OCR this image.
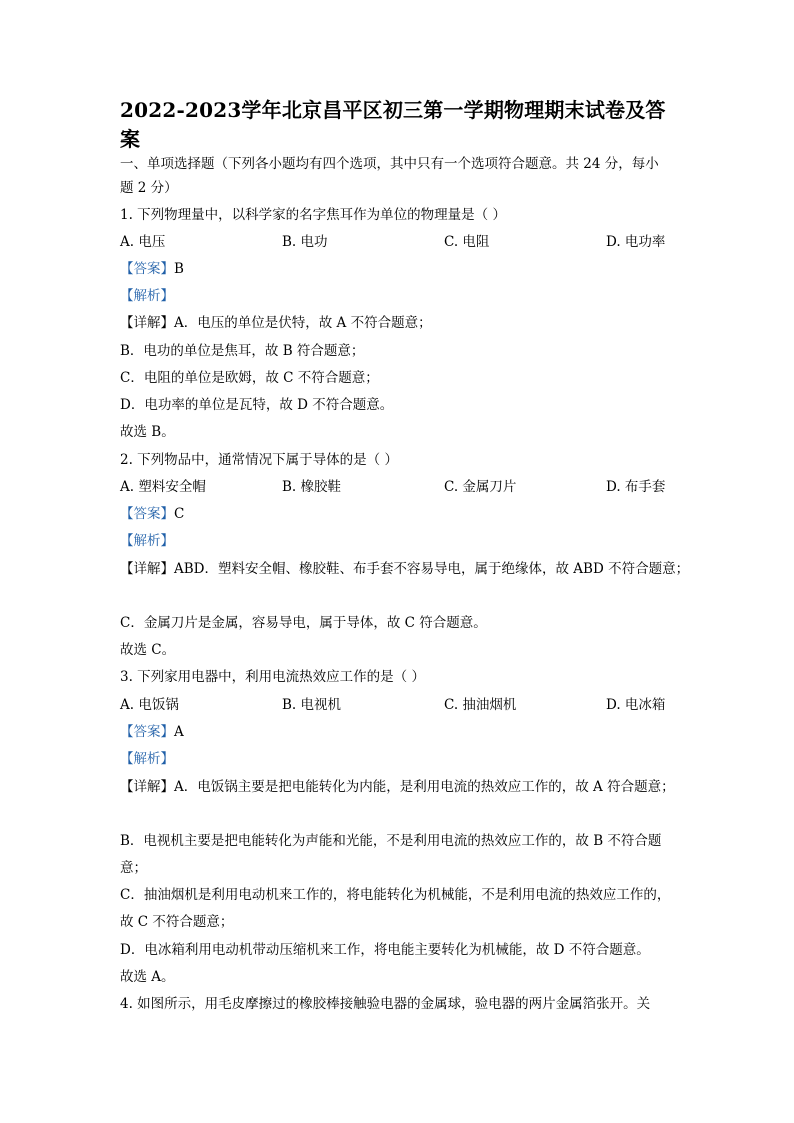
2022-2023学年北京昌平区初三第一学期物理期末试卷及答案
一、单项选择题（下列各小题均有四个选项，其中只有一个选项符合题意。共 24 分，每小
题 2 分）
1. 下列物理量中，以科学家的名字焦耳作为单位的物理量是（ ）
A. 电压	B. 电功	C. 电阻	D. 电功率
【答案】B
【解析】
【详解】A．电压的单位是伏特，故 A 不符合题意；
B．电功的单位是焦耳，故 B 符合题意；
C．电阻的单位是欧姆，故 C 不符合题意；
D．电功率的单位是瓦特，故 D 不符合题意。
故选 B。
2. 下列物品中，通常情况下属于导体的是（ ）
A. 塑料安全帽	B. 橡胶鞋	C. 金属刀片	D. 布手套
【答案】C
【解析】
【详解】ABD．塑料安全帽、橡胶鞋、布手套不容易导电，属于绝缘体，故 ABD 不符合题意；
C．金属刀片是金属，容易导电，属于导体，故 C 符合题意。
故选 C。
3. 下列家用电器中，利用电流热效应工作的是（ ）
A. 电饭锅	B. 电视机	C. 抽油烟机	D. 电冰箱
【答案】A
【解析】
【详解】A．电饭锅主要是把电能转化为内能，是利用电流的热效应工作的，故 A 符合题意；
B．电视机主要是把电能转化为声能和光能，不是利用电流的热效应工作的，故 B 不符合题
意；
C．抽油烟机是利用电动机来工作的，将电能转化为机械能，不是利用电流的热效应工作的，
故 C 不符合题意；
D．电冰箱利用电动机带动压缩机来工作，将电能主要转化为机械能，故 D 不符合题意。
故选 A。
4. 如图所示，用毛皮摩擦过的橡胶棒接触验电器的金属球，验电器的两片金属箔张开。关
